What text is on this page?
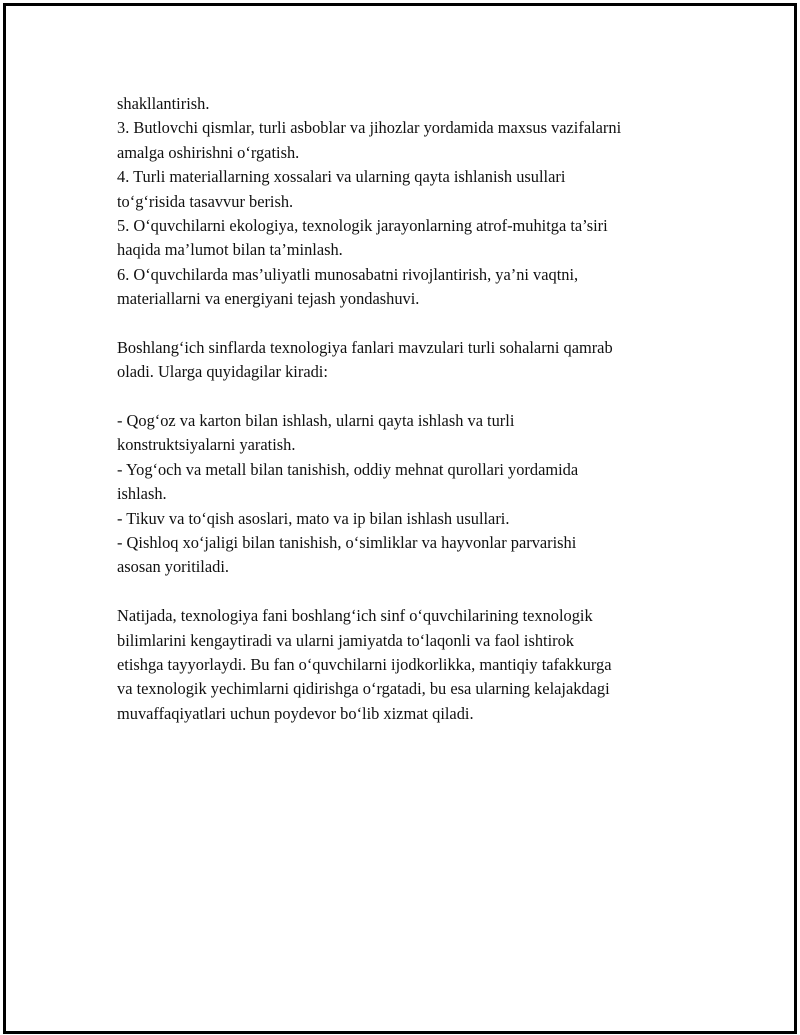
shakllantirish.
3. Butlovchi qismlar, turli asboblar va jihozlar yordamida maxsus vazifalarni
amalga oshirishni o‘rgatish.
4. Turli materiallarning xossalari va ularning qayta ishlanish usullari
to‘g‘risida tasavvur berish.
5. O‘quvchilarni ekologiya, texnologik jarayonlarning atrof-muhitga ta’siri
haqida ma’lumot bilan ta’minlash.
6. O‘quvchilarda mas’uliyatli munosabatni rivojlantirish, ya’ni vaqtni,
materiallarni va energiyani tejash yondashuvi.
Boshlang‘ich sinflarda texnologiya fanlari mavzulari turli sohalarni qamrab
oladi. Ularga quyidagilar kiradi:
- Qog‘oz va karton bilan ishlash, ularni qayta ishlash va turli
konstruktsiyalarni yaratish.
- Yog‘och va metall bilan tanishish, oddiy mehnat qurollari yordamida
ishlash.
- Tikuv va to‘qish asoslari, mato va ip bilan ishlash usullari.
- Qishloq xo‘jaligi bilan tanishish, o‘simliklar va hayvonlar parvarishi
asosan yoritiladi.
Natijada, texnologiya fani boshlang‘ich sinf o‘quvchilarining texnologik
bilimlarini kengaytiradi va ularni jamiyatda to‘laqonli va faol ishtirok
etishga tayyorlaydi. Bu fan o‘quvchilarni ijodkorlikka, mantiqiy tafakkurga
va texnologik yechimlarni qidirishga o‘rgatadi, bu esa ularning kelajakdagi
muvaffaqiyatlari uchun poydevor bo‘lib xizmat qiladi.
